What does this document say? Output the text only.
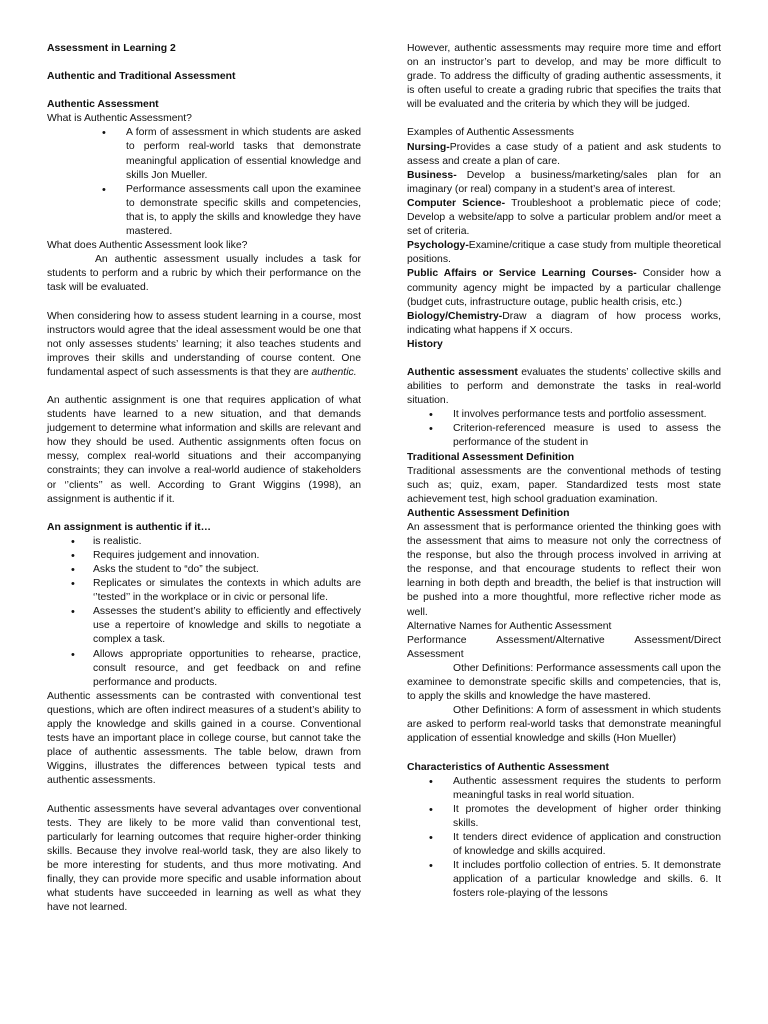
Assessment in Learning 2

Authentic and Traditional Assessment

Authentic Assessment

What is Authentic Assessment?

• A form of assessment in which students are asked to perform real-world tasks that demonstrate meaningful application of essential knowledge and skills Jon Mueller.
• Performance assessments call upon the examinee to demonstrate specific skills and competencies, that is, to apply the skills and knowledge they have mastered.

What does Authentic Assessment look like?

An authentic assessment usually includes a task for students to perform and a rubric by which their performance on the task will be evaluated.

When considering how to assess student learning in a course, most instructors would agree that the ideal assessment would be one that not only assesses students’ learning; it also teaches students and improves their skills and understanding of course content. One fundamental aspect of such assessments is that they are authentic.

An authentic assignment is one that requires application of what students have learned to a new situation, and that demands judgement to determine what information and skills are relevant and how they should be used. Authentic assignments often focus on messy, complex real-world situations and their accompanying constraints; they can involve a real-world audience of stakeholders or ‘’clients’’ as well. According to Grant Wiggins (1998), an assignment is authentic if it.

An assignment is authentic if it…

• is realistic.
• Requires judgement and innovation.
• Asks the student to “do” the subject.
• Replicates or simulates the contexts in which adults are ‘’tested’’ in the workplace or in civic or personal life.
• Assesses the student’s ability to efficiently and effectively use a repertoire of knowledge and skills to negotiate a complex a task.
• Allows appropriate opportunities to rehearse, practice, consult resource, and get feedback on and refine performance and products.

Authentic assessments can be contrasted with conventional test questions, which are often indirect measures of a student’s ability to apply the knowledge and skills gained in a course. Conventional tests have an important place in college course, but cannot take the place of authentic assessments. The table below, drawn from Wiggins, illustrates the differences between typical tests and authentic assessments.

Authentic assessments have several advantages over conventional tests. They are likely to be more valid than conventional test, particularly for learning outcomes that require higher-order thinking skills. Because they involve real-world task, they are also likely to be more interesting for students, and thus more motivating. And finally, they can provide more specific and usable information about what students have succeeded in learning as well as what they have not learned.

However, authentic assessments may require more time and effort on an instructor’s part to develop, and may be more difficult to grade. To address the difficulty of grading authentic assessments, it is often useful to create a grading rubric that specifies the traits that will be evaluated and the criteria by which they will be judged.

Examples of Authentic Assessments

Nursing-Provides a case study of a patient and ask students to assess and create a plan of care.

Business- Develop a business/marketing/sales plan for an imaginary (or real) company in a student’s area of interest.

Computer Science- Troubleshoot a problematic piece of code; Develop a website/app to solve a particular problem and/or meet a set of criteria.

Psychology-Examine/critique a case study from multiple theoretical positions.

Public Affairs or Service Learning Courses- Consider how a community agency might be impacted by a particular challenge (budget cuts, infrastructure outage, public health crisis, etc.)

Biology/Chemistry-Draw a diagram of how process works, indicating what happens if X occurs.

History

Authentic assessment evaluates the students’ collective skills and abilities to perform and demonstrate the tasks in real-world situation.

• It involves performance tests and portfolio assessment.
• Criterion-referenced measure is used to assess the performance of the student in

Traditional Assessment Definition

Traditional assessments are the conventional methods of testing such as; quiz, exam, paper. Standardized tests most state achievement test, high school graduation examination.

Authentic Assessment Definition

An assessment that is performance oriented the thinking goes with the assessment that aims to measure not only the correctness of the response, but also the through process involved in arriving at the response, and that encourage students to reflect their won learning in both depth and breadth, the belief is that instruction will be pushed into a more thoughtful, more reflective richer mode as well.

Alternative Names for Authentic Assessment

Performance Assessment/Alternative Assessment/Direct

Assessment

Other Definitions: Performance assessments call upon the examinee to demonstrate specific skills and competencies, that is, to apply the skills and knowledge the have mastered.

Other Definitions: A form of assessment in which students are asked to perform real-world tasks that demonstrate meaningful application of essential knowledge and skills (Hon Mueller)

Characteristics of Authentic Assessment

• Authentic assessment requires the students to perform meaningful tasks in real world situation.
• It promotes the development of higher order thinking skills.
• It tenders direct evidence of application and construction of knowledge and skills acquired.
• It includes portfolio collection of entries. 5. It demonstrate application of a particular knowledge and skills. 6. It fosters role-playing of the lessons
